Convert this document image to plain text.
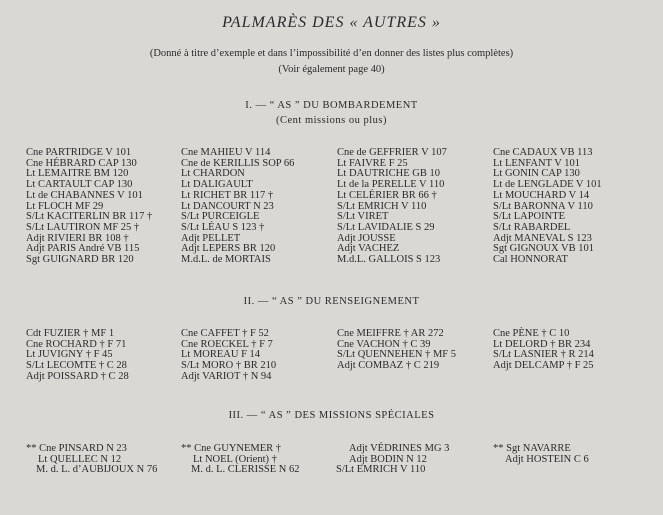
PALMARÈS DES « AUTRES »
(Donné à titre d’exemple et dans l’impossibilité d’en donner des listes plus complètes)
(Voir également page 40)
I. — “ AS ” DU BOMBARDEMENT
(Cent missions ou plus)
Cne PARTRIDGE V 101
Cne HÉBRARD CAP 130
Lt LEMAITRE BM 120
Lt CARTAULT CAP 130
Lt de CHABANNES V 101
Lt FLOCH MF 29
S/Lt KACITERLIN BR 117 †
S/Lt LAUTIRON MF 25 †
Adjt RIVIERI BR 108 †
Adjt PARIS André VB 115
Sgt GUIGNARD BR 120
Cne MAHIEU V 114
Cne de KERILLIS SOP 66
Lt CHARDON
Lt DALIGAULT
Lt RICHET BR 117 †
Lt DANCOURT N 23
S/Lt PURCEIGLE
S/Lt LÉAU S 123 †
Adjt PELLET
Adjt LEPERS BR 120
M.d.L. de MORTAIS
Cne de GEFFRIER V 107
Lt FAIVRE F 25
Lt DAUTRICHE GB 10
Lt de la PERELLE V 110
Lt CELÉRIER BR 66 †
S/Lt EMRICH V 110
S/Lt VIRET
S/Lt LAVIDALIE S 29
Adjt JOUSSE
Adjt VACHEZ
M.d.L. GALLOIS S 123
Cne CADAUX VB 113
Lt LENFANT V 101
Lt GONIN CAP 130
Lt de LENGLADE V 101
Lt MOUCHARD V 14
S/Lt BARONNA V 110
S/Lt LAPOINTE
S/Lt RABARDEL
Adjt MANEVAL S 123
Sgt GIGNOUX VB 101
Cal HONNORAT
II. — “ AS ” DU RENSEIGNEMENT
Cdt FUZIER † MF 1
Cne ROCHARD † F 71
Lt JUVIGNY † F 45
S/Lt LECOMTE † C 28
Adjt POISSARD † C 28
Cne CAFFET † F 52
Cne ROECKEL † F 7
Lt MOREAU F 14
S/Lt MORO † BR 210
Adjt VARIOT † N 94
Cne MEIFFRE † AR 272
Cne VACHON † C 39
S/Lt QUENNEHEN † MF 5
Adjt COMBAZ † C 219
Cne PÈNE † C 10
Lt DELORD † BR 234
S/Lt LASNIER † R 214
Adjt DELCAMP † F 25
III. — “ AS ” DES MISSIONS SPÉCIALES
** Cne PINSARD N 23
Lt QUELLEC N 12
M. d. L. d’AUBIJOUX N 76
** Cne GUYNEMER †
Lt NOEL (Orient) †
M. d. L. CLERISSE N 62
Adjt VÉDRINES MG 3
Adjt BODIN N 12
S/Lt EMRICH V 110
** Sgt NAVARRE
Adjt HOSTEIN C 6
